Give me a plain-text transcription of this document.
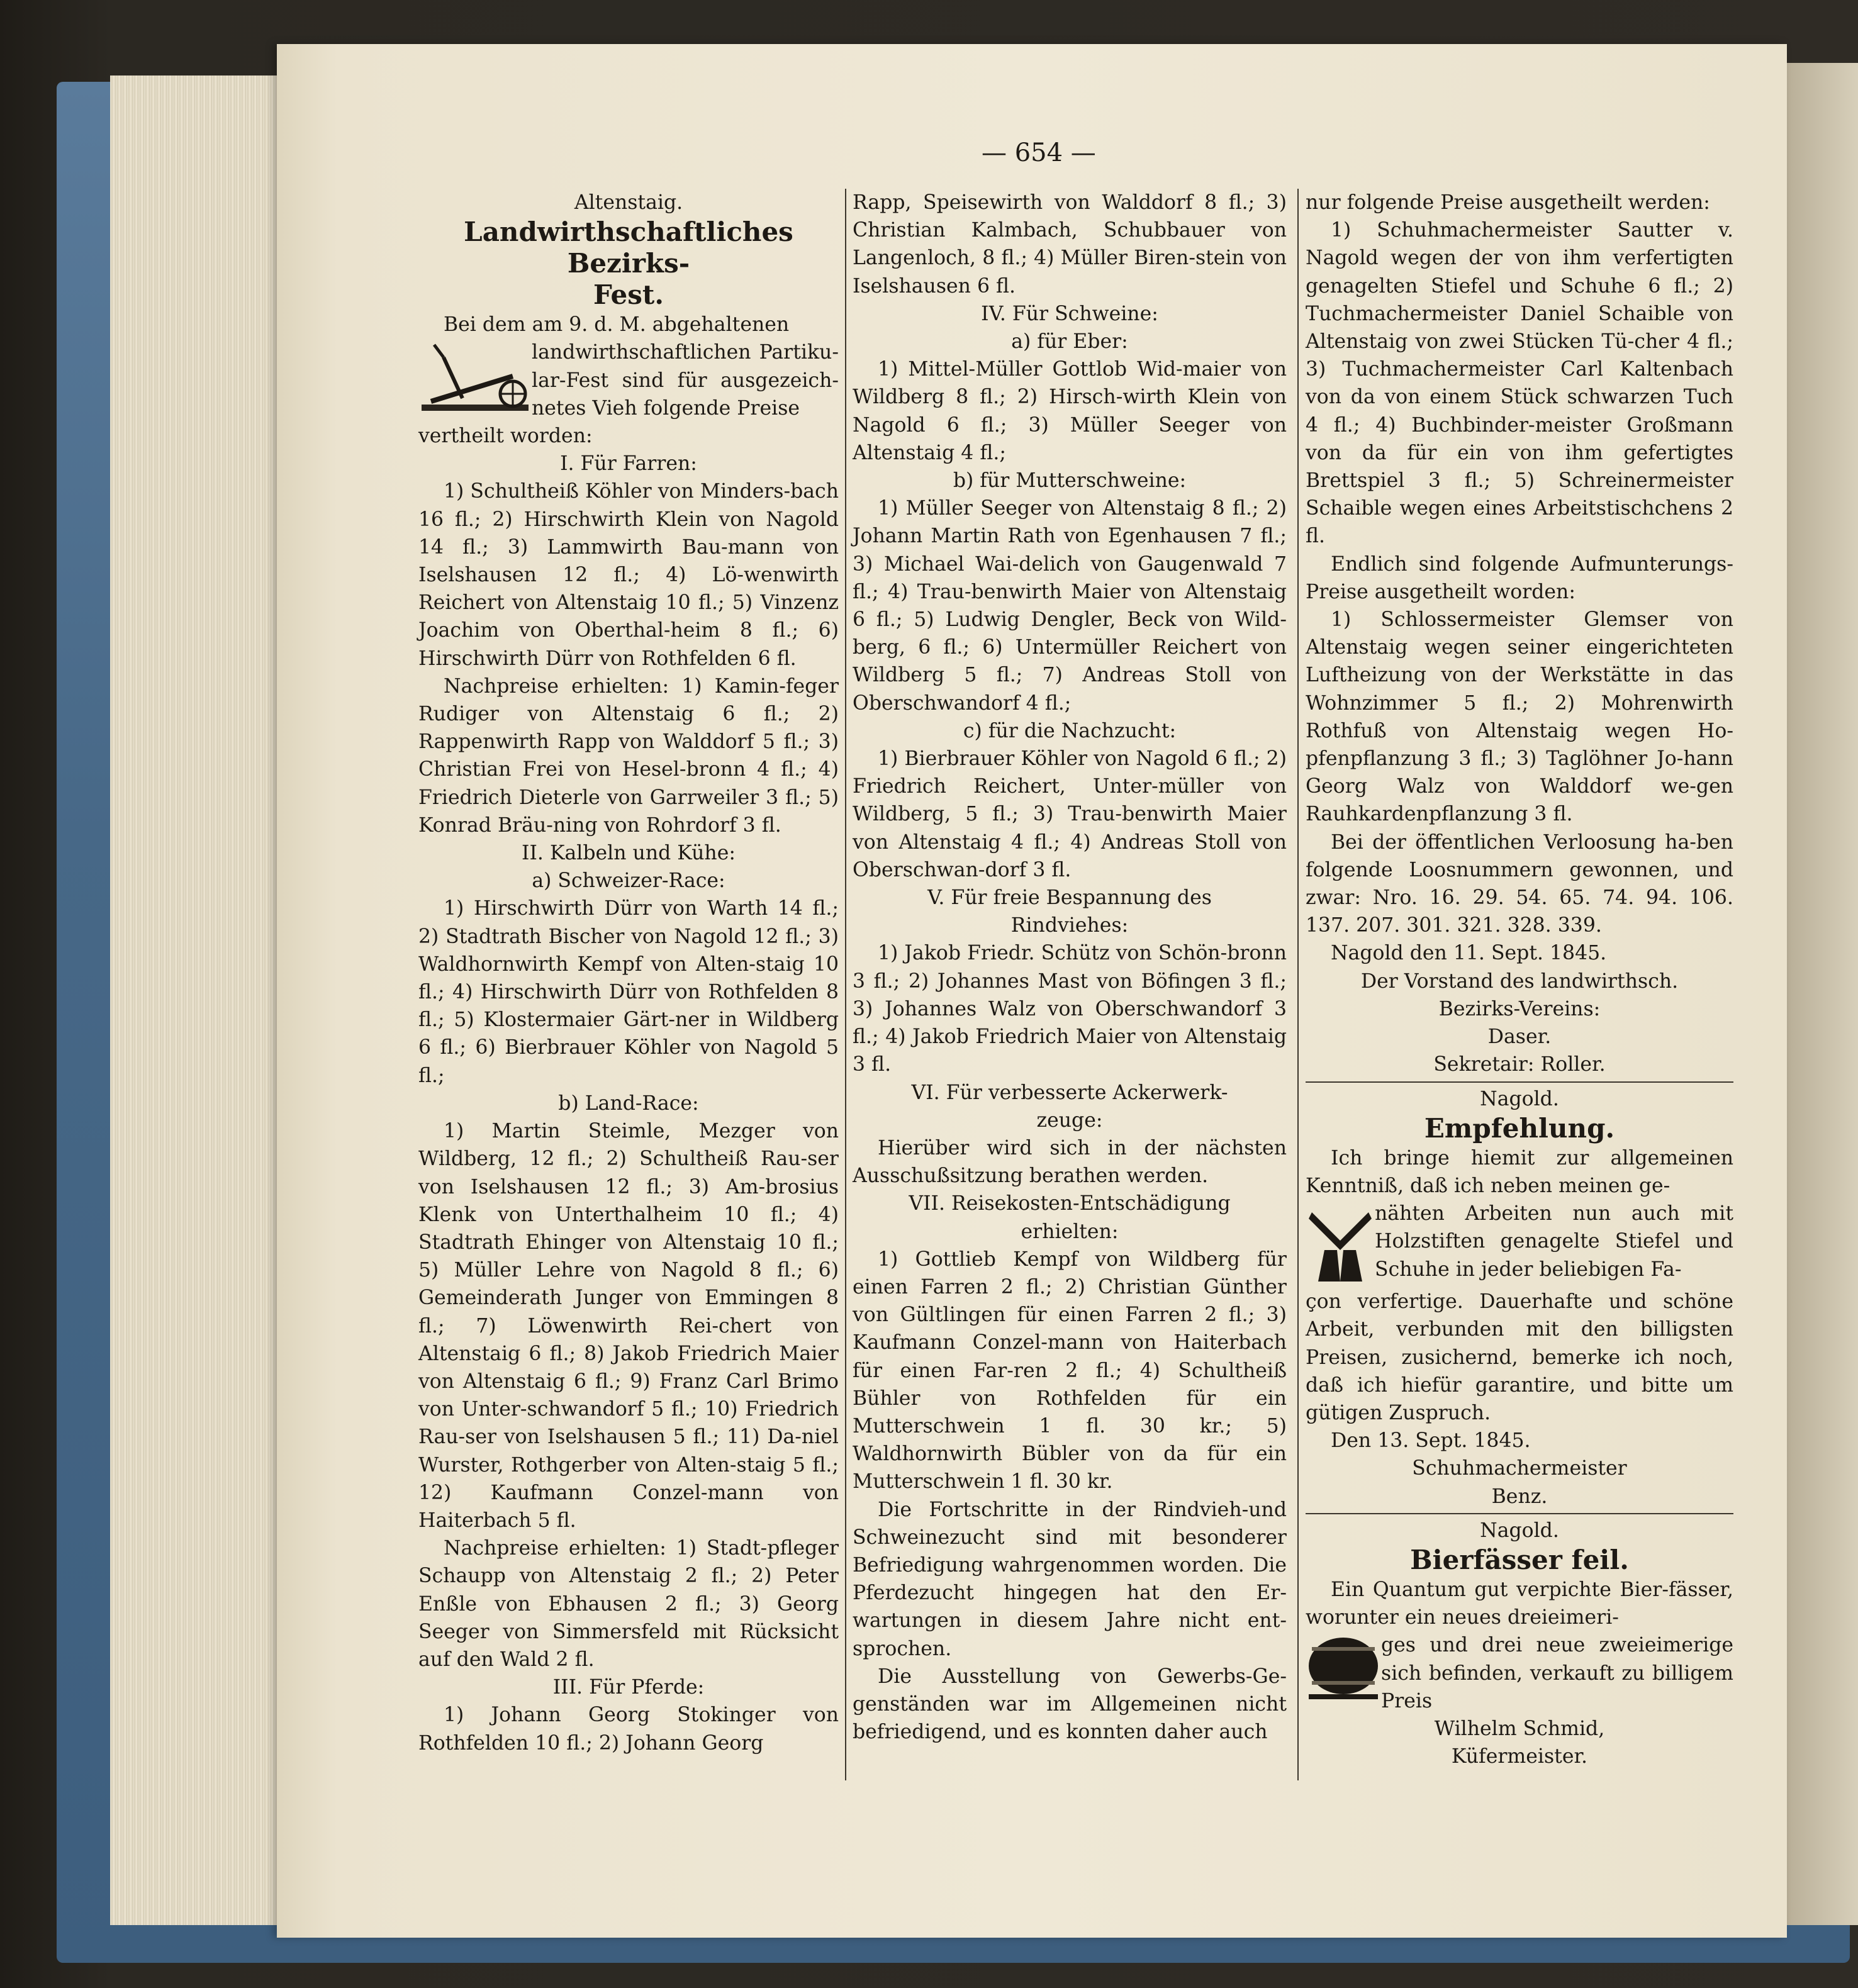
— 654 —

Altenstaig.

Landwirthschaftliches Bezirks-

Fest.

Bei dem am 9. d. M. abgehaltenen

landwirthschaftlichen Partiku-lar-Fest sind für ausgezeich-netes Vieh folgende Preise

vertheilt worden:

I. Für Farren:

1) Schultheiß Köhler von Minders-bach 16 fl.; 2) Hirschwirth Klein von Nagold 14 fl.; 3) Lammwirth Bau-mann von Iselshausen 12 fl.; 4) Lö-wenwirth Reichert von Altenstaig 10 fl.; 5) Vinzenz Joachim von Oberthal-heim 8 fl.; 6) Hirschwirth Dürr von Rothfelden 6 fl.

Nachpreise erhielten: 1) Kamin-feger Rudiger von Altenstaig 6 fl.; 2) Rappenwirth Rapp von Walddorf 5 fl.; 3) Christian Frei von Hesel-bronn 4 fl.; 4) Friedrich Dieterle von Garrweiler 3 fl.; 5) Konrad Bräu-ning von Rohrdorf 3 fl.

II. Kalbeln und Kühe:

a) Schweizer-Race:

1) Hirschwirth Dürr von Warth 14 fl.; 2) Stadtrath Bischer von Nagold 12 fl.; 3) Waldhornwirth Kempf von Alten-staig 10 fl.; 4) Hirschwirth Dürr von Rothfelden 8 fl.; 5) Klostermaier Gärt-ner in Wildberg 6 fl.; 6) Bierbrauer Köhler von Nagold 5 fl.;

b) Land-Race:

1) Martin Steimle, Mezger von Wildberg, 12 fl.; 2) Schultheiß Rau-ser von Iselshausen 12 fl.; 3) Am-brosius Klenk von Unterthalheim 10 fl.; 4) Stadtrath Ehinger von Altenstaig 10 fl.; 5) Müller Lehre von Nagold 8 fl.; 6) Gemeinderath Junger von Emmingen 8 fl.; 7) Löwenwirth Rei-chert von Altenstaig 6 fl.; 8) Jakob Friedrich Maier von Altenstaig 6 fl.; 9) Franz Carl Brimo von Unter-schwandorf 5 fl.; 10) Friedrich Rau-ser von Iselshausen 5 fl.; 11) Da-niel Wurster, Rothgerber von Alten-staig 5 fl.; 12) Kaufmann Conzel-mann von Haiterbach 5 fl.

Nachpreise erhielten: 1) Stadt-pfleger Schaupp von Altenstaig 2 fl.; 2) Peter Enßle von Ebhausen 2 fl.; 3) Georg Seeger von Simmersfeld mit Rücksicht auf den Wald 2 fl.

III. Für Pferde:

1) Johann Georg Stokinger von Rothfelden 10 fl.; 2) Johann Georg

Rapp, Speisewirth von Walddorf 8 fl.; 3) Christian Kalmbach, Schubbauer von Langenloch, 8 fl.; 4) Müller Biren-stein von Iselshausen 6 fl.

IV. Für Schweine:

a) für Eber:

1) Mittel-Müller Gottlob Wid-maier von Wildberg 8 fl.; 2) Hirsch-wirth Klein von Nagold 6 fl.; 3) Müller Seeger von Altenstaig 4 fl.;

b) für Mutterschweine:

1) Müller Seeger von Altenstaig 8 fl.; 2) Johann Martin Rath von Egenhausen 7 fl.; 3) Michael Wai-delich von Gaugenwald 7 fl.; 4) Trau-benwirth Maier von Altenstaig 6 fl.; 5) Ludwig Dengler, Beck von Wild-berg, 6 fl.; 6) Untermüller Reichert von Wildberg 5 fl.; 7) Andreas Stoll von Oberschwandorf 4 fl.;

c) für die Nachzucht:

1) Bierbrauer Köhler von Nagold 6 fl.; 2) Friedrich Reichert, Unter-müller von Wildberg, 5 fl.; 3) Trau-benwirth Maier von Altenstaig 4 fl.; 4) Andreas Stoll von Oberschwan-dorf 3 fl.

V. Für freie Bespannung des

Rindviehes:

1) Jakob Friedr. Schütz von Schön-bronn 3 fl.; 2) Johannes Mast von Böfingen 3 fl.; 3) Johannes Walz von Oberschwandorf 3 fl.; 4) Jakob Friedrich Maier von Altenstaig 3 fl.

VI. Für verbesserte Ackerwerk-

zeuge:

Hierüber wird sich in der nächsten Ausschußsitzung berathen werden.

VII. Reisekosten-Entschädigung

erhielten:

1) Gottlieb Kempf von Wildberg für einen Farren 2 fl.; 2) Christian Günther von Gültlingen für einen Farren 2 fl.; 3) Kaufmann Conzel-mann von Haiterbach für einen Far-ren 2 fl.; 4) Schultheiß Bühler von Rothfelden für ein Mutterschwein 1 fl. 30 kr.; 5) Waldhornwirth Bübler von da für ein Mutterschwein 1 fl. 30 kr.

Die Fortschritte in der Rindvieh-und Schweinezucht sind mit besonderer Befriedigung wahrgenommen worden. Die Pferdezucht hingegen hat den Er-wartungen in diesem Jahre nicht ent-sprochen.

Die Ausstellung von Gewerbs-Ge-genständen war im Allgemeinen nicht befriedigend, und es konnten daher auch

nur folgende Preise ausgetheilt werden:

1) Schuhmachermeister Sautter v. Nagold wegen der von ihm verfertigten genagelten Stiefel und Schuhe 6 fl.; 2) Tuchmachermeister Daniel Schaible von Altenstaig von zwei Stücken Tü-cher 4 fl.; 3) Tuchmachermeister Carl Kaltenbach von da von einem Stück schwarzen Tuch 4 fl.; 4) Buchbinder-meister Großmann von da für ein von ihm gefertigtes Brettspiel 3 fl.; 5) Schreinermeister Schaible wegen eines Arbeitstischchens 2 fl.

Endlich sind folgende Aufmunterungs-Preise ausgetheilt worden:

1) Schlossermeister Glemser von Altenstaig wegen seiner eingerichteten Luftheizung von der Werkstätte in das Wohnzimmer 5 fl.; 2) Mohrenwirth Rothfuß von Altenstaig wegen Ho-pfenpflanzung 3 fl.; 3) Taglöhner Jo-hann Georg Walz von Walddorf we-gen Rauhkardenpflanzung 3 fl.

Bei der öffentlichen Verloosung ha-ben folgende Loosnummern gewonnen, und zwar: Nro. 16. 29. 54. 65. 74. 94. 106. 137. 207. 301. 321. 328. 339.

Nagold den 11. Sept. 1845.

Der Vorstand des landwirthsch.

Bezirks-Vereins:

Daser.

Sekretair: Roller.

Nagold.

Empfehlung.

Ich bringe hiemit zur allgemeinen Kenntniß, daß ich neben meinen ge-

nähten Arbeiten nun auch mit Holzstiften genagelte Stiefel und Schuhe in jeder beliebigen Fa-

çon verfertige. Dauerhafte und schöne Arbeit, verbunden mit den billigsten Preisen, zusichernd, bemerke ich noch, daß ich hiefür garantire, und bitte um gütigen Zuspruch.

Den 13. Sept. 1845.

Schuhmachermeister

Benz.

Nagold.

Bierfässer feil.

Ein Quantum gut verpichte Bier-fässer, worunter ein neues dreieimeri-

ges und drei neue zweieimerige sich befinden, verkauft zu billigem Preis

Wilhelm Schmid,

Küfermeister.
